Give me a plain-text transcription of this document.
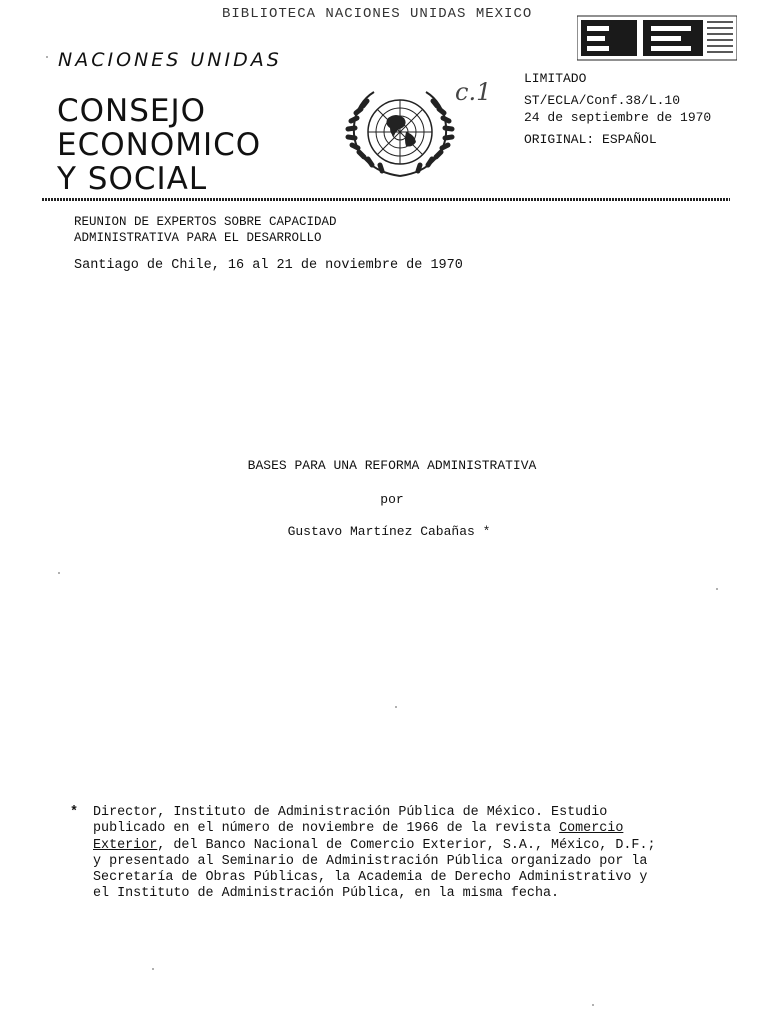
BIBLIOTECA NACIONES UNIDAS MEXICO
NACIONES UNIDAS
CONSEJO
ECONOMICO
Y SOCIAL
c.1	LIMITADO
ST/ECLA/Conf.38/L.10
24 de septiembre de 1970
ORIGINAL: ESPAÑOL
REUNION DE EXPERTOS SOBRE CAPACIDAD
ADMINISTRATIVA PARA EL DESARROLLO
Santiago de Chile, 16 al 21 de noviembre de 1970
BASES PARA UNA REFORMA ADMINISTRATIVA
por
Gustavo Martínez Cabañas *
* Director, Instituto de Administración Pública de México. Estudio
publicado en el número de noviembre de 1966 de la revista Comercio Exterior, del Banco Nacional de Comercio Exterior, S.A., México, D.F.;
y presentado al Seminario de Administración Pública organizado por la
Secretaría de Obras Públicas, la Academia de Derecho Administrativo y
el Instituto de Administración Pública, en la misma fecha.
